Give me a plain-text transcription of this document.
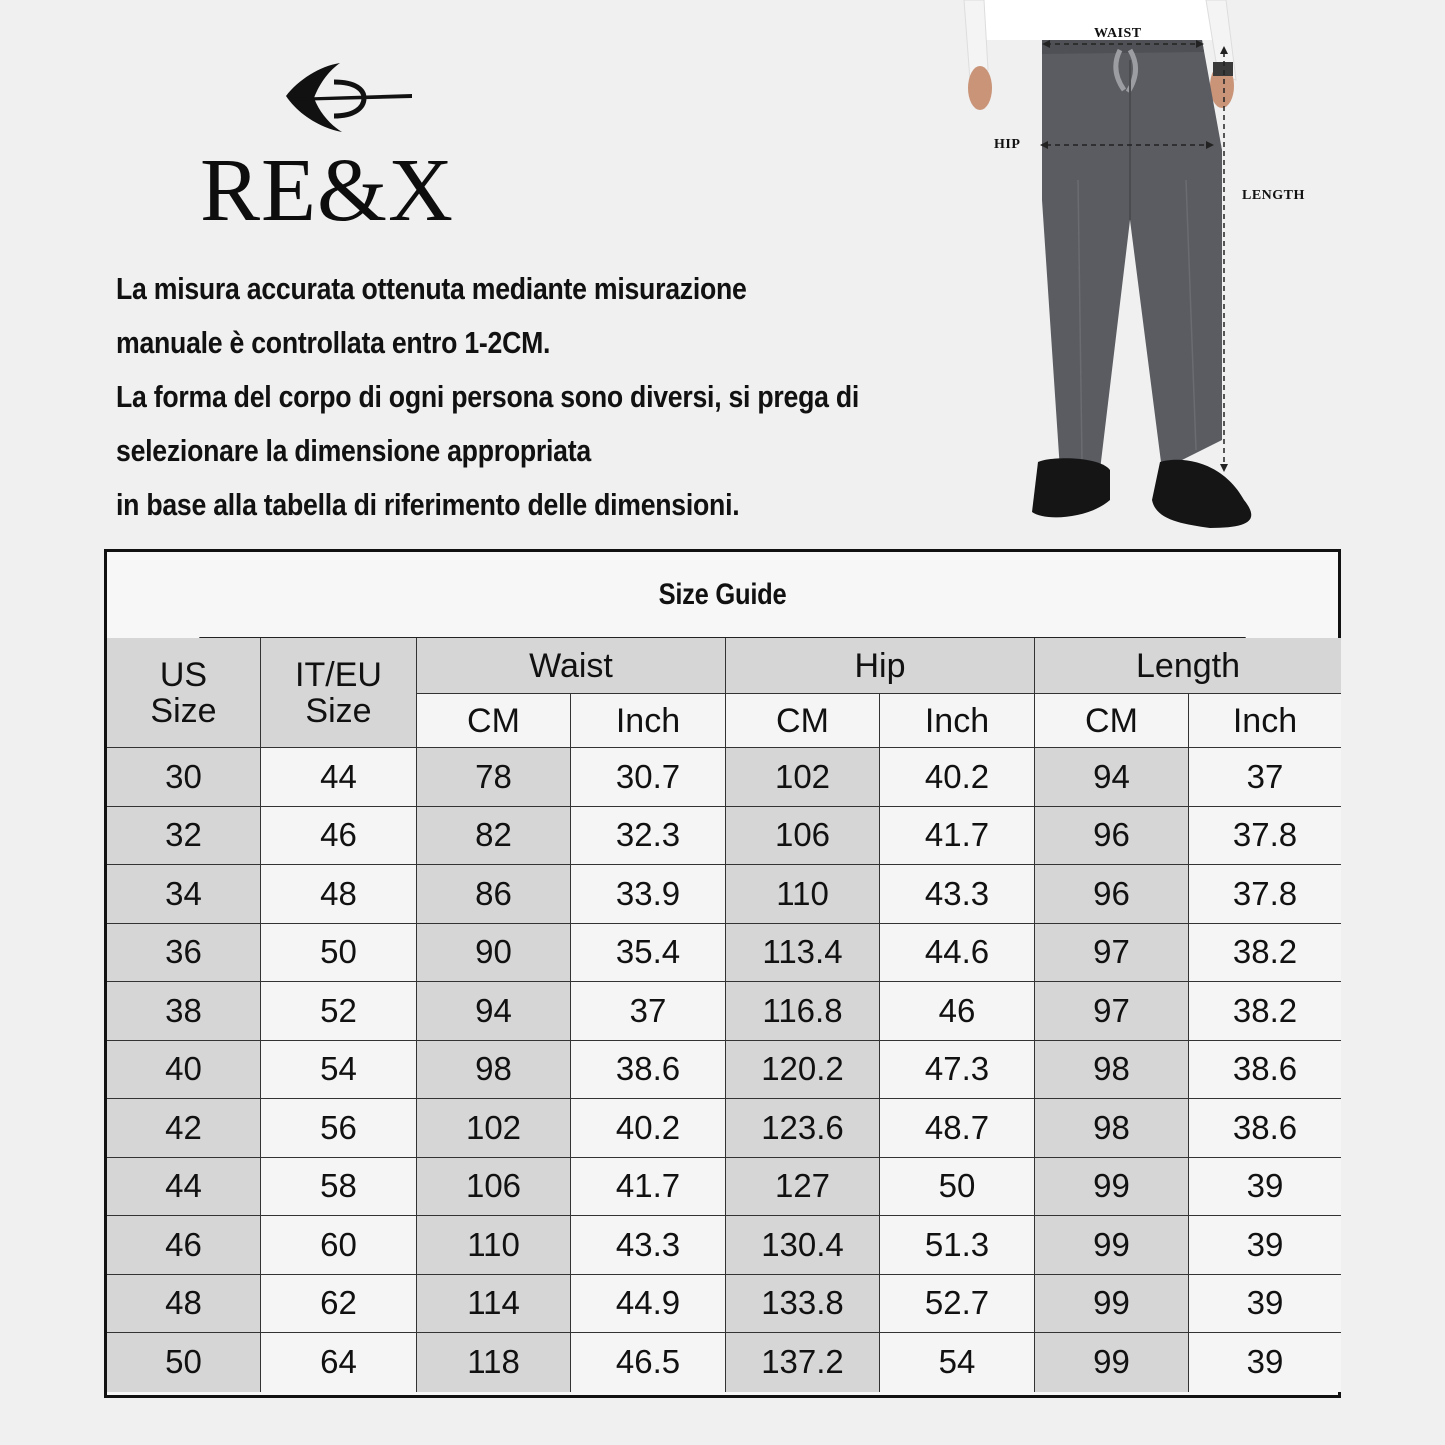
RE&X
La misura accurata ottenuta mediante misurazione
manuale è controllata entro 1-2CM.
La forma del corpo di ogni persona sono diversi, si prega di
selezionare la dimensione appropriata
in base alla tabella di riferimento delle dimensioni.
WAIST
HIP
LENGTH
Size Guide
US
Size
IT/EU
Size
Waist	Hip	Length
CM	Inch	CM	Inch	CM	Inch
30	44	78	30.7	102	40.2	94	37
32	46	82	32.3	106	41.7	96	37.8
34	48	86	33.9	110	43.3	96	37.8
36	50	90	35.4	113.4	44.6	97	38.2
38	52	94	37	116.8	46	97	38.2
40	54	98	38.6	120.2	47.3	98	38.6
42	56	102	40.2	123.6	48.7	98	38.6
44	58	106	41.7	127	50	99	39
46	60	110	43.3	130.4	51.3	99	39
48	62	114	44.9	133.8	52.7	99	39
50	64	118	46.5	137.2	54	99	39
